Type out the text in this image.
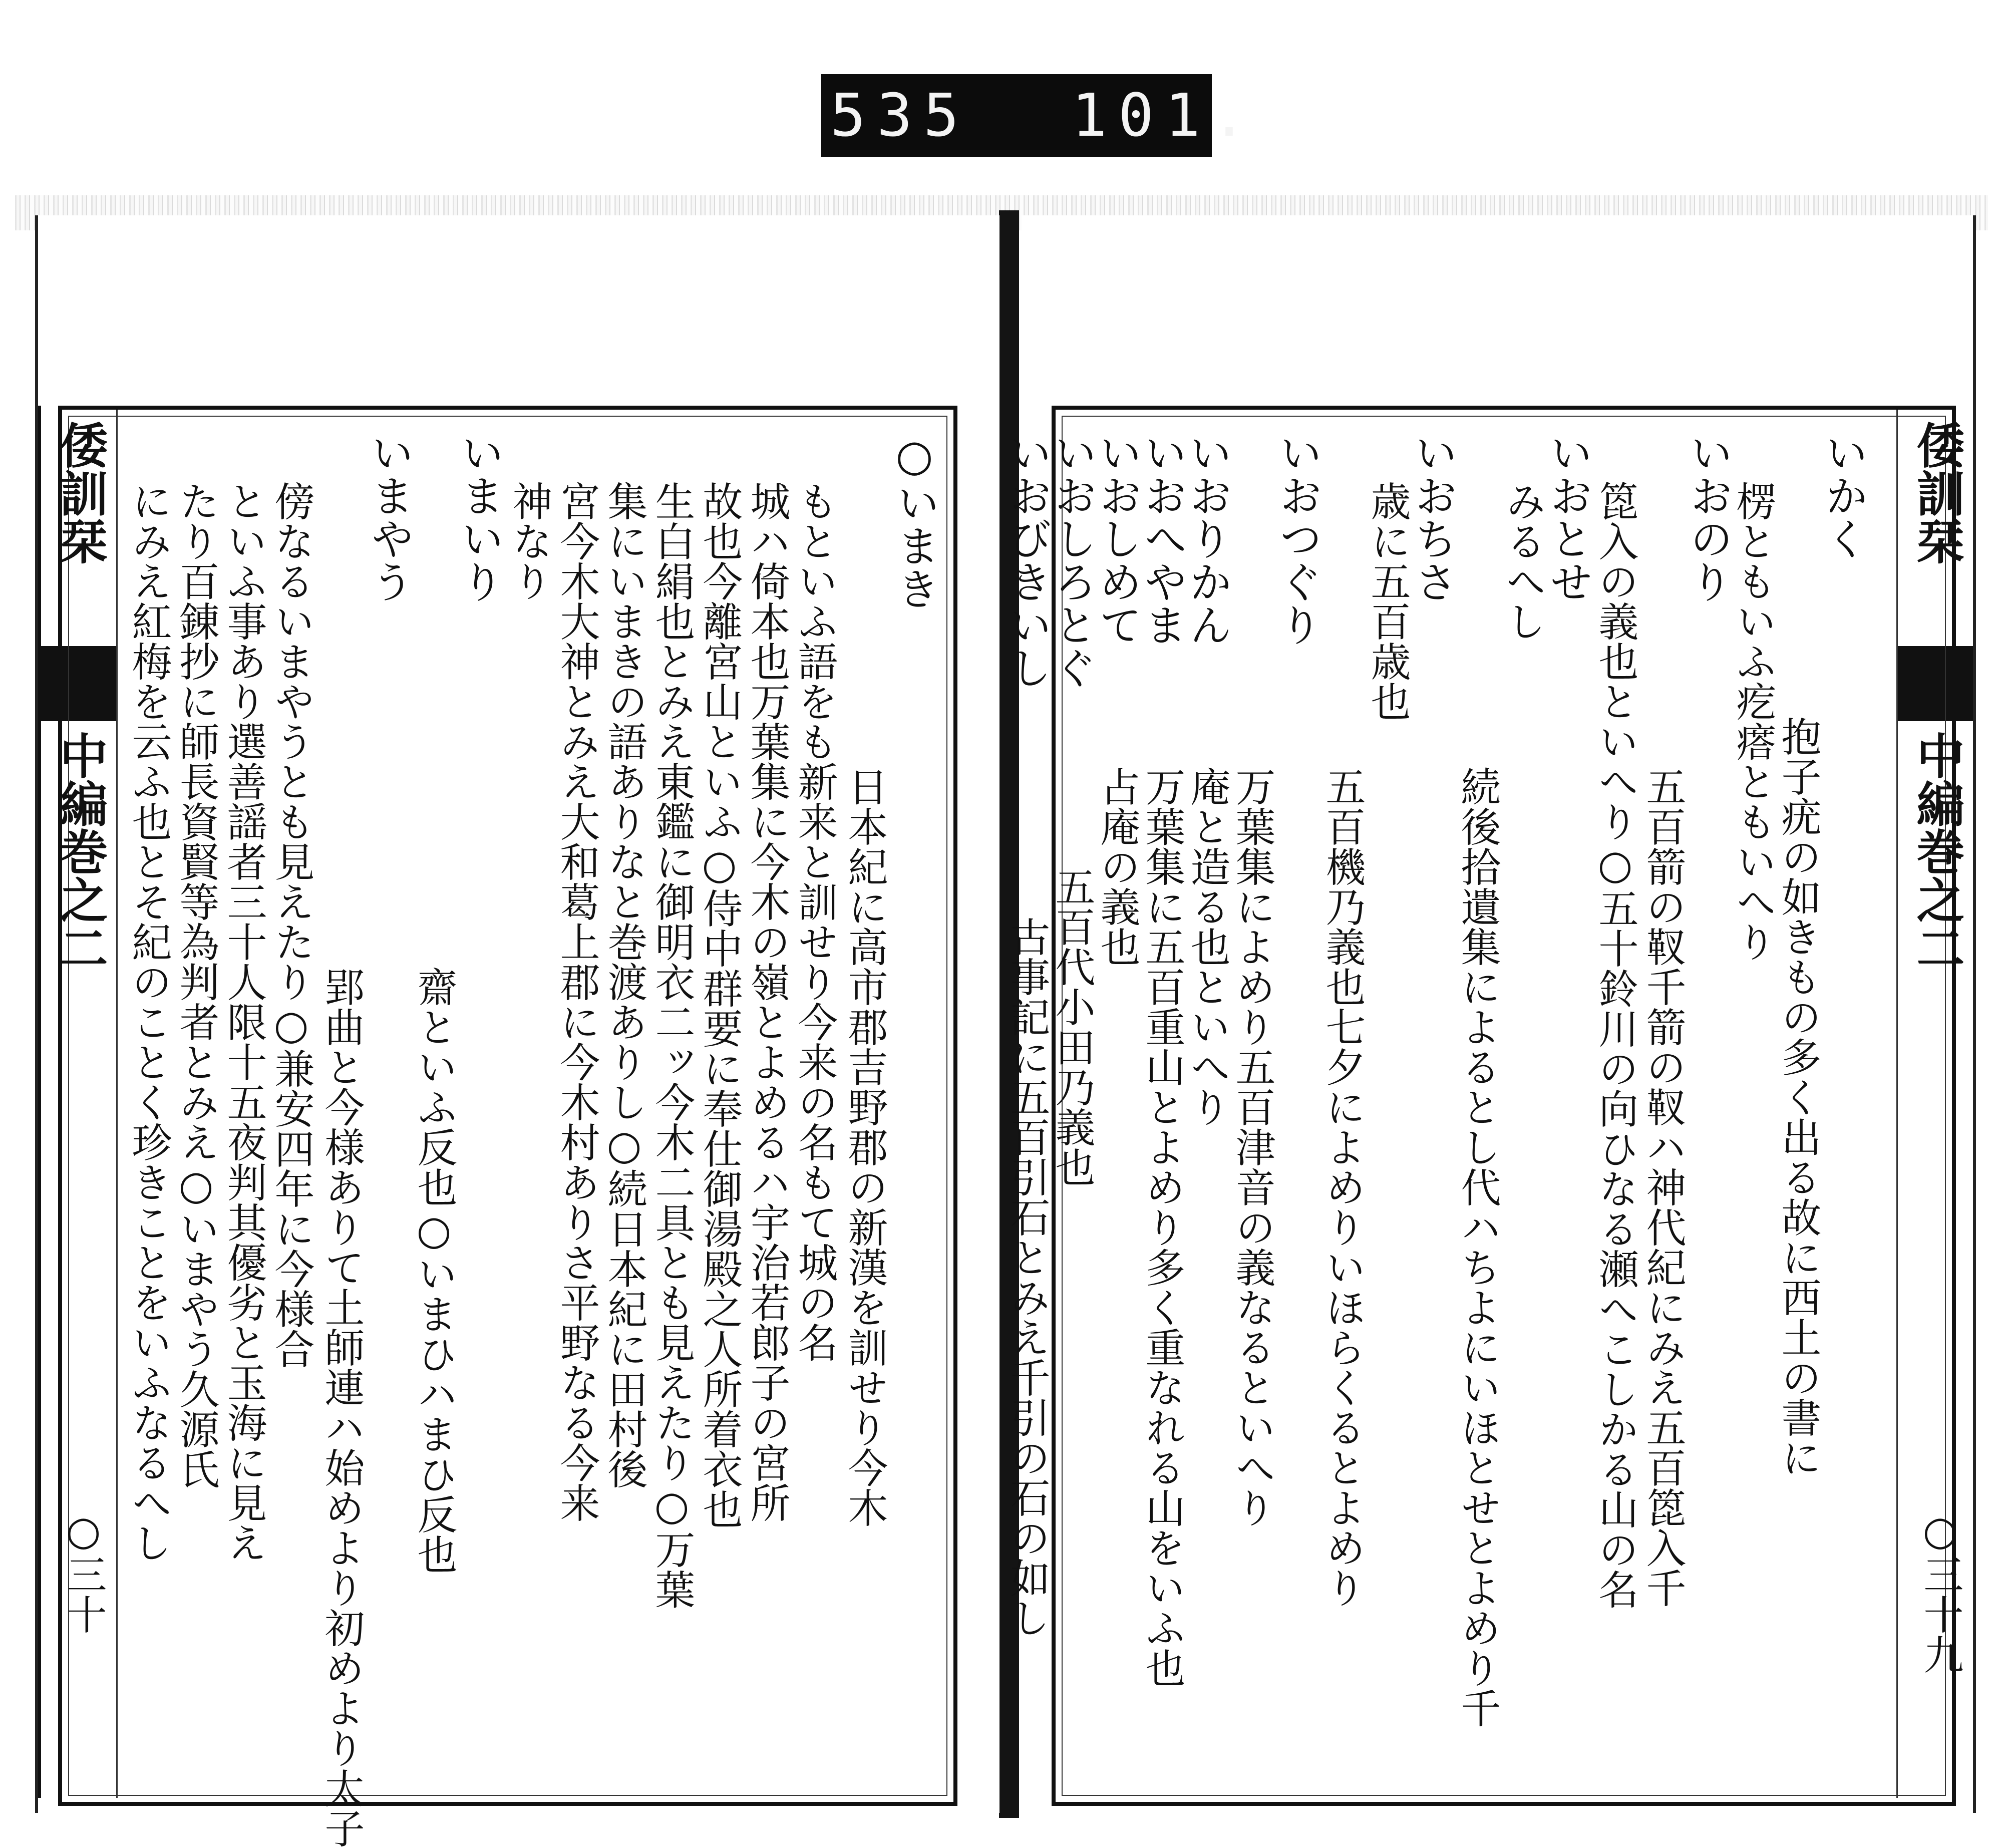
535 101.
倭訓栞
中編巻之二
○三十
○いまき
日本紀に高市郡吉野郡の新漢を訓せり今木
もといふ語をも新来と訓せり今来の名もて城の名
城ハ倚本也万葉集に今木の嶺とよめるハ宇治若郎子の宮所
故也今離宮山といふ○侍中群要に奉仕御湯殿之人所着衣也
生白絹也とみえ東鑑に御明衣二ッ今木二具とも見えたり○万葉
集にいまきの語ありなと巻渡ありし○続日本紀に田村後
宮今木大神とみえ大和葛上郡に今木村ありさ平野なる今来
神なり
いまいり
齋といふ反也○いまひハまひ反也
いまやう
郢曲と今様ありて土師連ハ始めより初めより太子
傍なるいまやうとも見えたり○兼安四年に今様合
といふ事あり選善謡者三十人限十五夜判其優劣と玉海に見え
たり百錬抄に師長資賢等為判者とみえ○いまやう久源氏
にみえ紅梅を云ふ也とそ紀のことく珍きことをいふなるへし	倭訓栞
中編巻之二
○三十九
いかく
抱子疣の如きもの多く出る故に西土の書に
楞ともいふ疙瘩ともいへり
いおのり
五百箭の靫千箭の靫ハ神代紀にみえ五百箆入千
箆入の義也といへり○五十鈴川の向ひなる瀬へこしかる山の名
いおとせ
みるへし
続後拾遺集によるとし代ハちよにいほとせとよめり千
いおちさ
歳に五百歳也
五百機乃義也七夕によめりいほらくるとよめり
いおつぐり
万葉集によめり五百津音の義なるといへり
いおりかん
庵と造る也といへり
いおへやま
万葉集に五百重山とよめり多く重なれる山をいふ也
いおしめて
占庵の義也
いおしろとぐ
五百代小田乃義也
いおびきいし
古事記に五百引石とみえ千引の石の如し
